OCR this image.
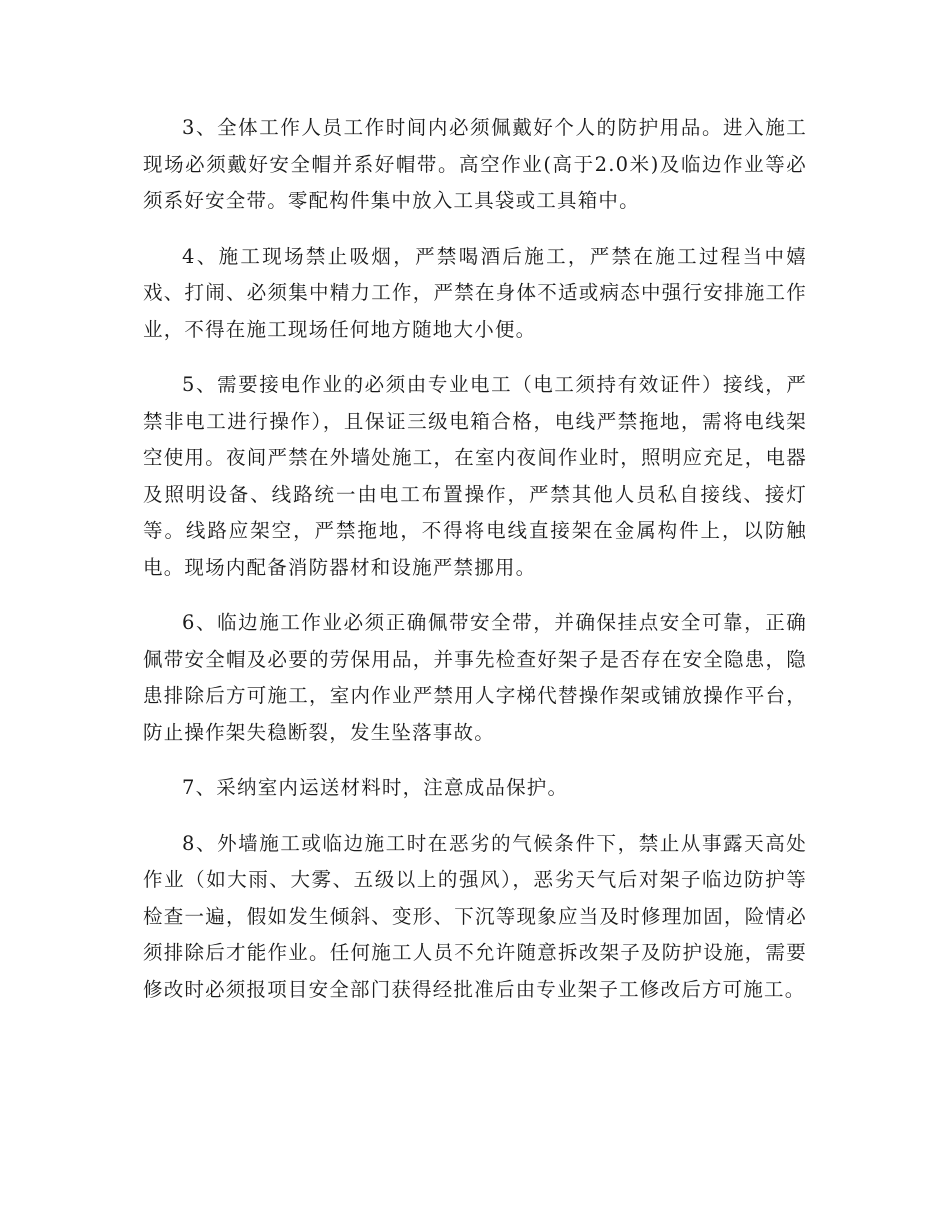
3、全体工作人员工作时间内必须佩戴好个人的防护用品。进入施工现场必须戴好安全帽并系好帽带。高空作业(高于2.0米)及临边作业等必须系好安全带。零配构件集中放入工具袋或工具箱中。

4、施工现场禁止吸烟，严禁喝酒后施工，严禁在施工过程当中嬉戏、打闹、必须集中精力工作，严禁在身体不适或病态中强行安排施工作业，不得在施工现场任何地方随地大小便。

5、需要接电作业的必须由专业电工（电工须持有效证件）接线，严禁非电工进行操作），且保证三级电箱合格，电线严禁拖地，需将电线架空使用。夜间严禁在外墙处施工，在室内夜间作业时，照明应充足，电器及照明设备、线路统一由电工布置操作，严禁其他人员私自接线、接灯等。线路应架空，严禁拖地，不得将电线直接架在金属构件上，以防触电。现场内配备消防器材和设施严禁挪用。

6、临边施工作业必须正确佩带安全带，并确保挂点安全可靠，正确佩带安全帽及必要的劳保用品，并事先检查好架子是否存在安全隐患，隐患排除后方可施工，室内作业严禁用人字梯代替操作架或铺放操作平台，防止操作架失稳断裂，发生坠落事故。

7、采纳室内运送材料时，注意成品保护。

8、外墙施工或临边施工时在恶劣的气候条件下，禁止从事露天高处作业（如大雨、大雾、五级以上的强风），恶劣天气后对架子临边防护等检查一遍，假如发生倾斜、变形、下沉等现象应当及时修理加固，险情必须排除后才能作业。任何施工人员不允许随意拆改架子及防护设施，需要修改时必须报项目安全部门获得经批准后由专业架子工修改后方可施工。
